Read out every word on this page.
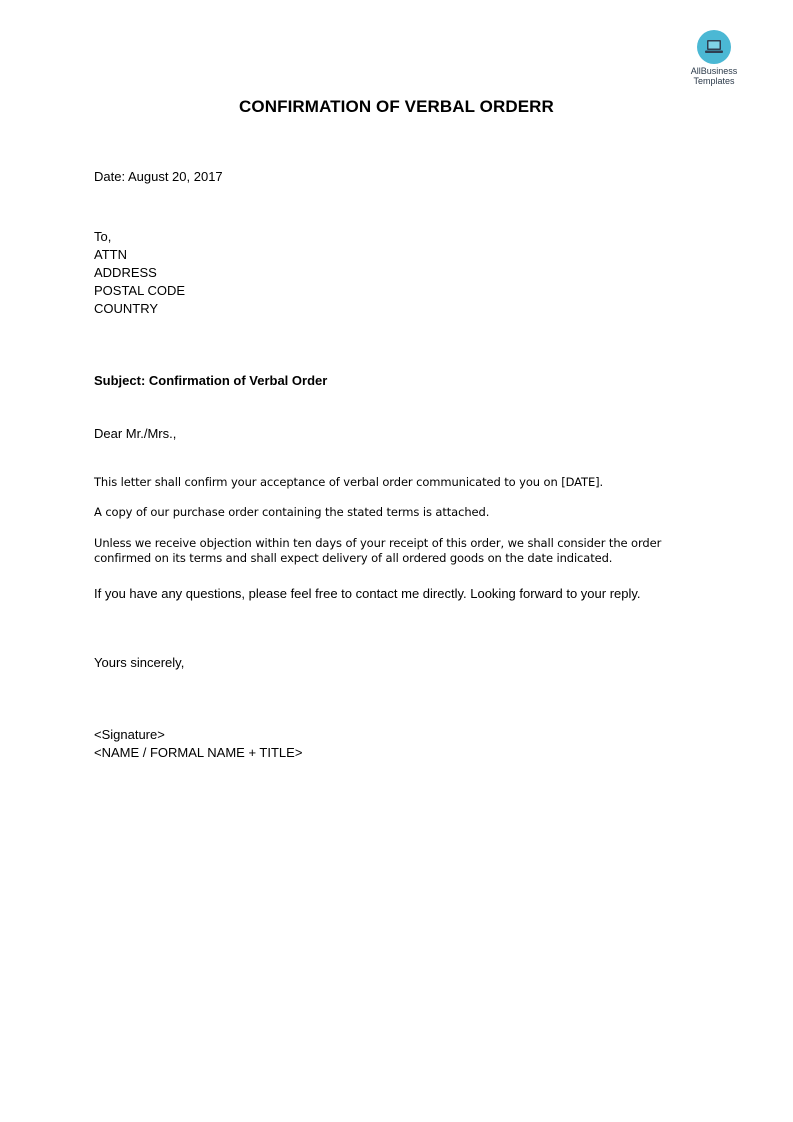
AllBusiness
Templates
CONFIRMATION OF VERBAL ORDERR
Date: August 20, 2017
To,
ATTN
ADDRESS
POSTAL CODE
COUNTRY
Subject: Confirmation of Verbal Order
Dear Mr./Mrs.,
This letter shall confirm your acceptance of verbal order communicated to you on [DATE].
A copy of our purchase order containing the stated terms is attached.
Unless we receive objection within ten days of your receipt of this order, we shall consider the order
confirmed on its terms and shall expect delivery of all ordered goods on the date indicated.
If you have any questions, please feel free to contact me directly. Looking forward to your reply.
Yours sincerely,
<Signature>
<NAME / FORMAL NAME + TITLE>
